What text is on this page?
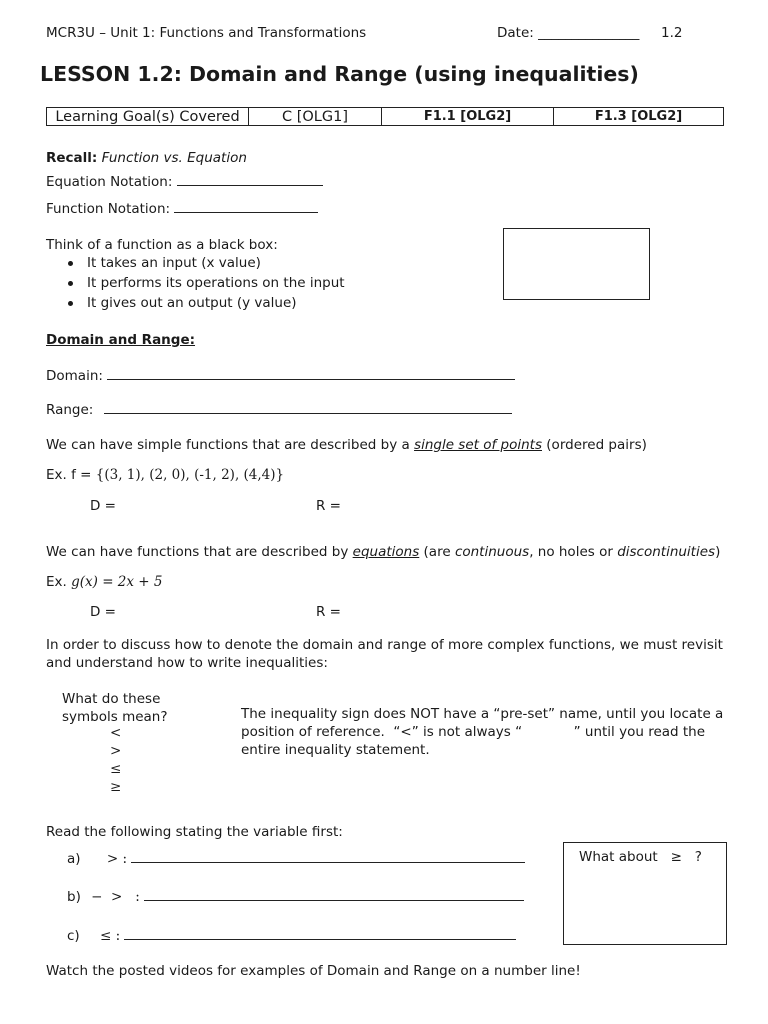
MCR3U – Unit 1: Functions and Transformations	Date: _______________ 1.2
LESSON 1.2: Domain and Range (using inequalities)
Learning Goal(s) Covered	C [OLG1]	F1.1 [OLG2]	F1.3 [OLG2]
Recall: Function vs. Equation
Equation Notation:
Function Notation:
Think of a function as a black box:
It takes an input (x value)
It performs its operations on the input
It gives out an output (y value)
Domain and Range:
Domain:
Range:
We can have simple functions that are described by a single set of points (ordered pairs)
Ex. f = {(3, 1), (2, 0), (-1, 2), (4,4)}
D =	R =
We can have functions that are described by equations (are continuous, no holes or discontinuities)
Ex. g(x) = 2x + 5
D =	R =
In order to discuss how to denote the domain and range of more complex functions, we must revisit
and understand how to write inequalities:
What do these
symbols mean?
<
>
≤
≥
The inequality sign does NOT have a “pre-set” name, until you locate a
position of reference.  “<” is not always “            ” until you read the
entire inequality statement.
Read the following stating the variable first:
a) > :
b) −  >   :
c) ≤ :
What about   ≥   ?
Watch the posted videos for examples of Domain and Range on a number line!
